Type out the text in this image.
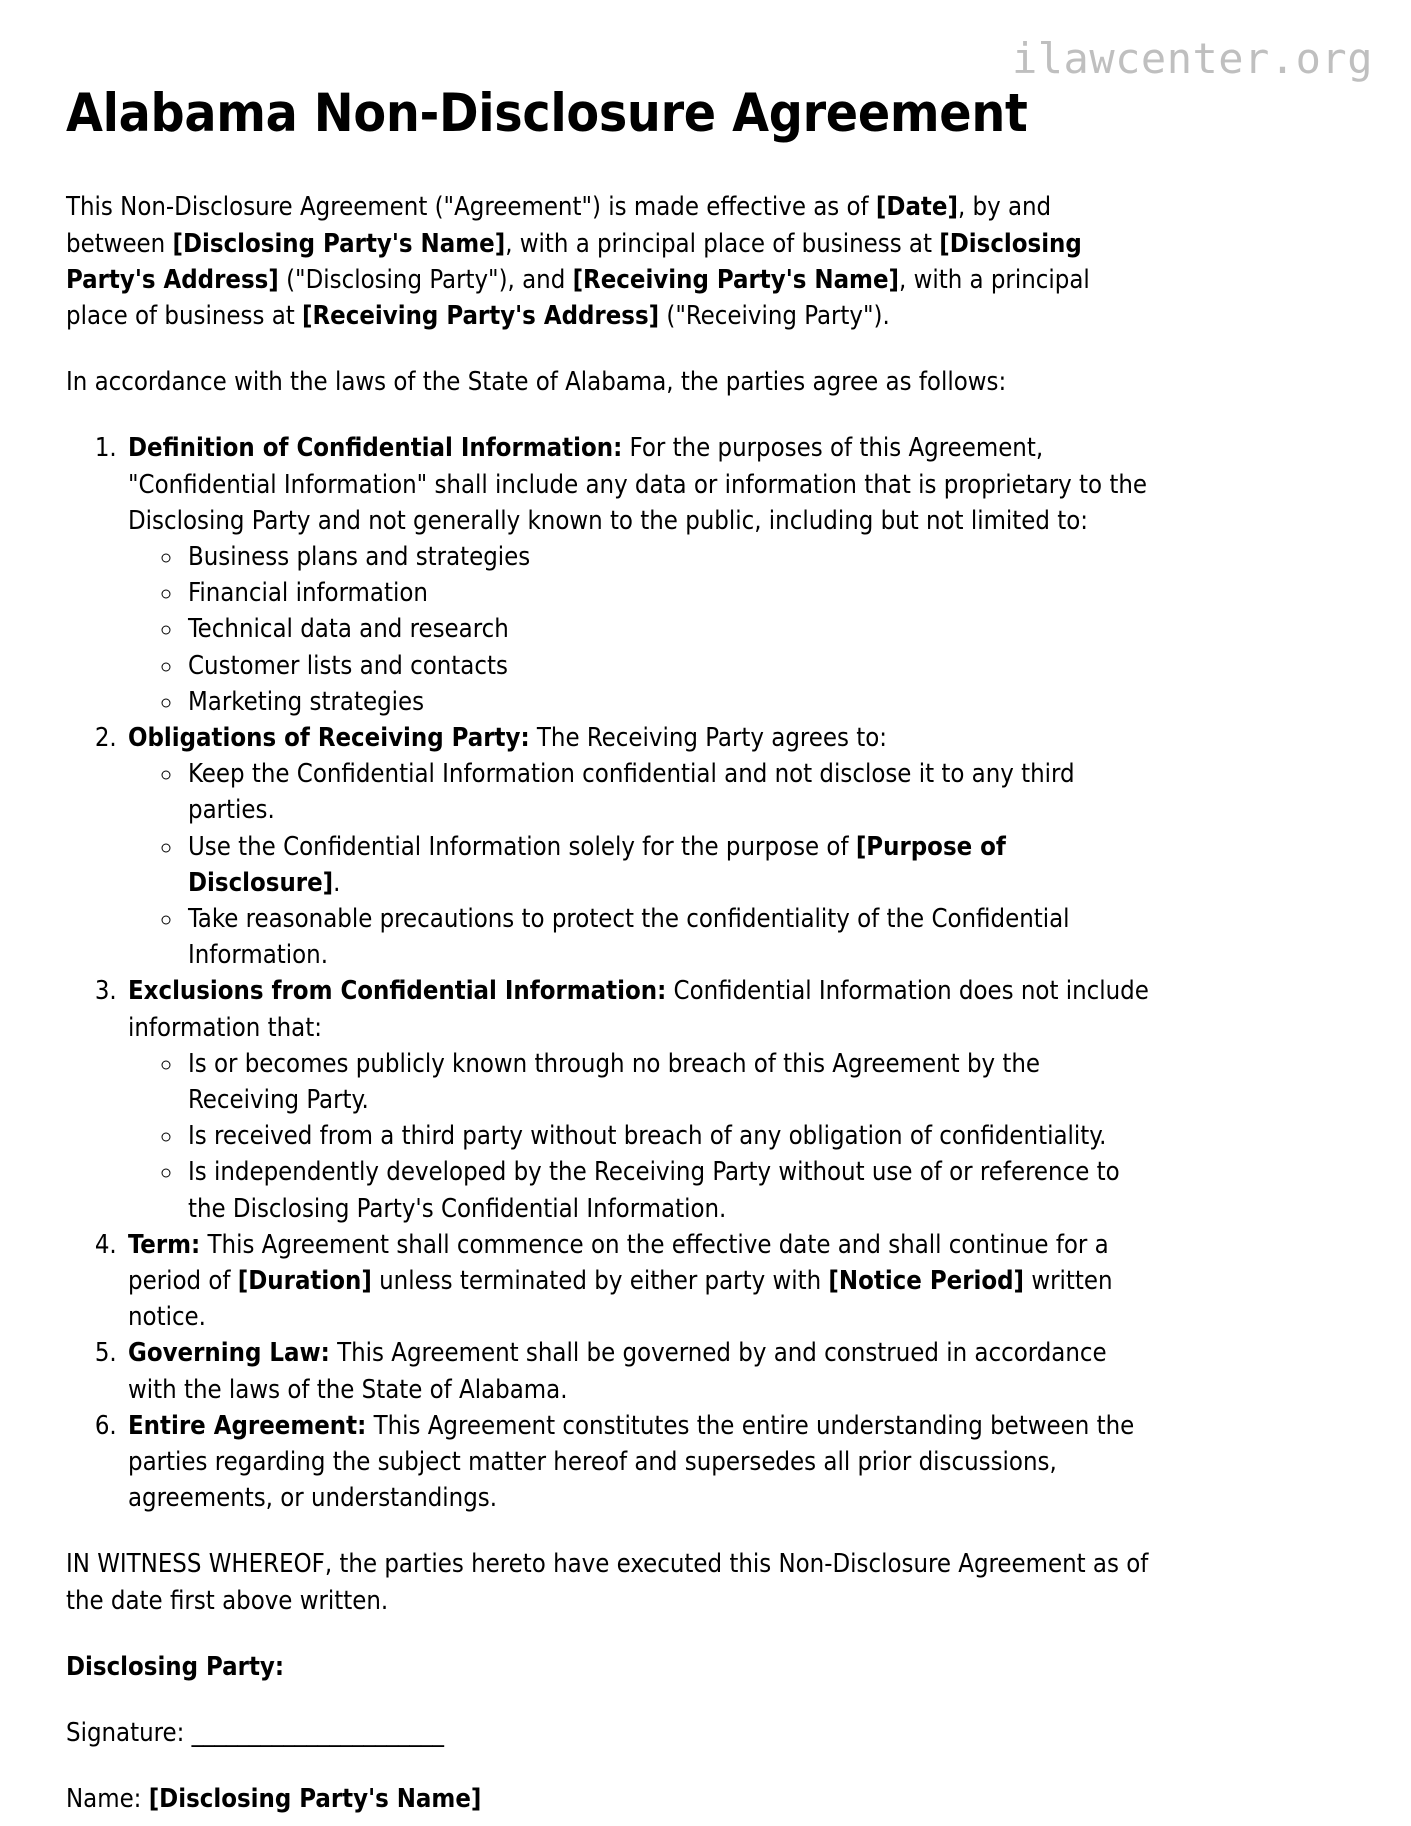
ilawcenter.org
Alabama Non-Disclosure Agreement

This Non-Disclosure Agreement ("Agreement") is made effective as of [Date], by and between [Disclosing Party's Name], with a principal place of business at [Disclosing Party's Address] ("Disclosing Party"), and [Receiving Party's Name], with a principal place of business at [Receiving Party's Address] ("Receiving Party").

In accordance with the laws of the State of Alabama, the parties agree as follows:

1. Definition of Confidential Information: For the purposes of this Agreement, "Confidential Information" shall include any data or information that is proprietary to the Disclosing Party and not generally known to the public, including but not limited to:
◦ Business plans and strategies
◦ Financial information
◦ Technical data and research
◦ Customer lists and contacts
◦ Marketing strategies
2. Obligations of Receiving Party: The Receiving Party agrees to:
◦ Keep the Confidential Information confidential and not disclose it to any third parties.
◦ Use the Confidential Information solely for the purpose of [Purpose of Disclosure].
◦ Take reasonable precautions to protect the confidentiality of the Confidential Information.
3. Exclusions from Confidential Information: Confidential Information does not include information that:
◦ Is or becomes publicly known through no breach of this Agreement by the Receiving Party.
◦ Is received from a third party without breach of any obligation of confidentiality.
◦ Is independently developed by the Receiving Party without use of or reference to the Disclosing Party's Confidential Information.
4. Term: This Agreement shall commence on the effective date and shall continue for a period of [Duration] unless terminated by either party with [Notice Period] written notice.
5. Governing Law: This Agreement shall be governed by and construed in accordance with the laws of the State of Alabama.
6. Entire Agreement: This Agreement constitutes the entire understanding between the parties regarding the subject matter hereof and supersedes all prior discussions, agreements, or understandings.

IN WITNESS WHEREOF, the parties hereto have executed this Non-Disclosure Agreement as of the date first above written.

Disclosing Party:

Signature: ______________________

Name: [Disclosing Party's Name]
